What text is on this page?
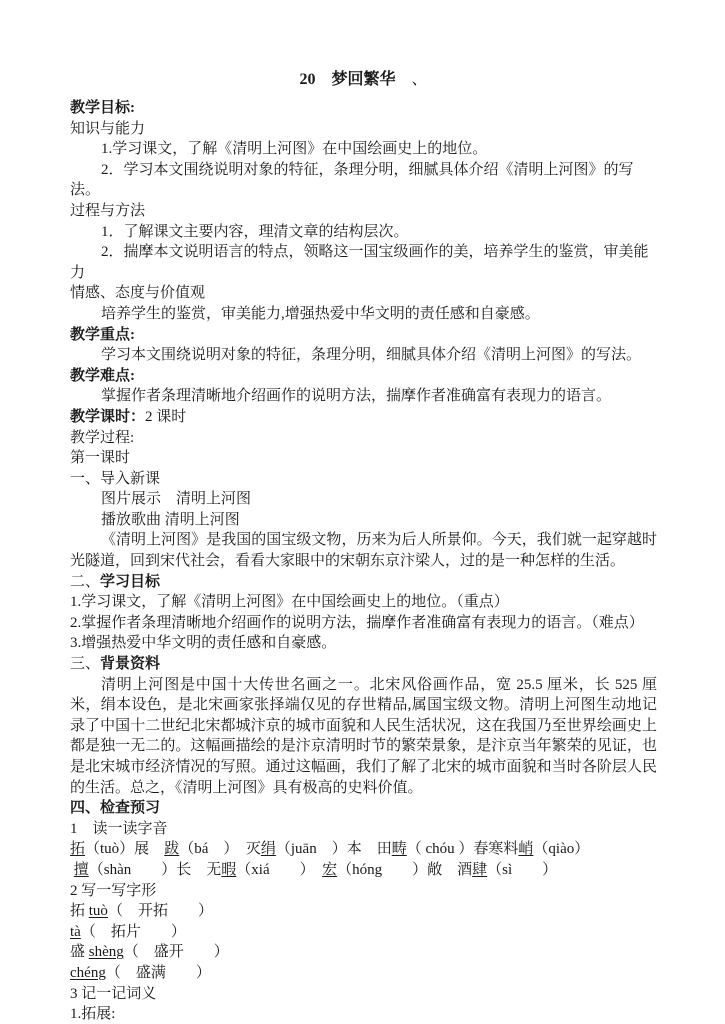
20　梦回繁华　、

教学目标:

知识与能力

1.学习课文，了解《清明上河图》在中国绘画史上的地位。

2．学习本文围绕说明对象的特征，条理分明，细腻具体介绍《清明上河图》的写法。

过程与方法

1．了解课文主要内容，理清文章的结构层次。

2．揣摩本文说明语言的特点，领略这一国宝级画作的美，培养学生的鉴赏，审美能力

情感、态度与价值观

培养学生的鉴赏，审美能力,增强热爱中华文明的责任感和自豪感。

教学重点:

学习本文围绕说明对象的特征，条理分明，细腻具体介绍《清明上河图》的写法。

教学难点:

掌握作者条理清晰地介绍画作的说明方法，揣摩作者准确富有表现力的语言。

教学课时：2 课时

教学过程:

第一课时

一、导入新课

图片展示　清明上河图

播放歌曲 清明上河图

《清明上河图》是我国的国宝级文物，历来为后人所景仰。今天，我们就一起穿越时光隧道，回到宋代社会，看看大家眼中的宋朝东京汴梁人，过的是一种怎样的生活。

二、学习目标

1.学习课文，了解《清明上河图》在中国绘画史上的地位。（重点）

2.掌握作者条理清晰地介绍画作的说明方法，揣摩作者准确富有表现力的语言。（难点）

3.增强热爱中华文明的责任感和自豪感。

三、背景资料

清明上河图是中国十大传世名画之一。北宋风俗画作品，宽 25.5 厘米，长 525 厘米，绢本设色，是北宋画家张择端仅见的存世精品,属国宝级文物。清明上河图生动地记录了中国十二世纪北宋都城汴京的城市面貌和人民生活状况，这在我国乃至世界绘画史上都是独一无二的。这幅画描绘的是汴京清明时节的繁荣景象，是汴京当年繁荣的见证，也是北宋城市经济情况的写照。通过这幅画，我们了解了北宋的城市面貌和当时各阶层人民的生活。总之，《清明上河图》具有极高的史料价值。

四、检查预习

1　读一读字音

拓（tuò）展　跋（bá　）　灭绢（juān　）本　田畴（ chóu ）春寒料峭（qiào）

擅（shàn　　）长　无暇（xiá　　）　宏（hóng　　）敞　酒肆（sì　　）

2 写一写字形

拓 tuò（　开拓　　）

tà（　拓片　　）

盛 shèng（　盛开　　）

chéng（　盛满　　）

3 记一记词义

1.拓展:
